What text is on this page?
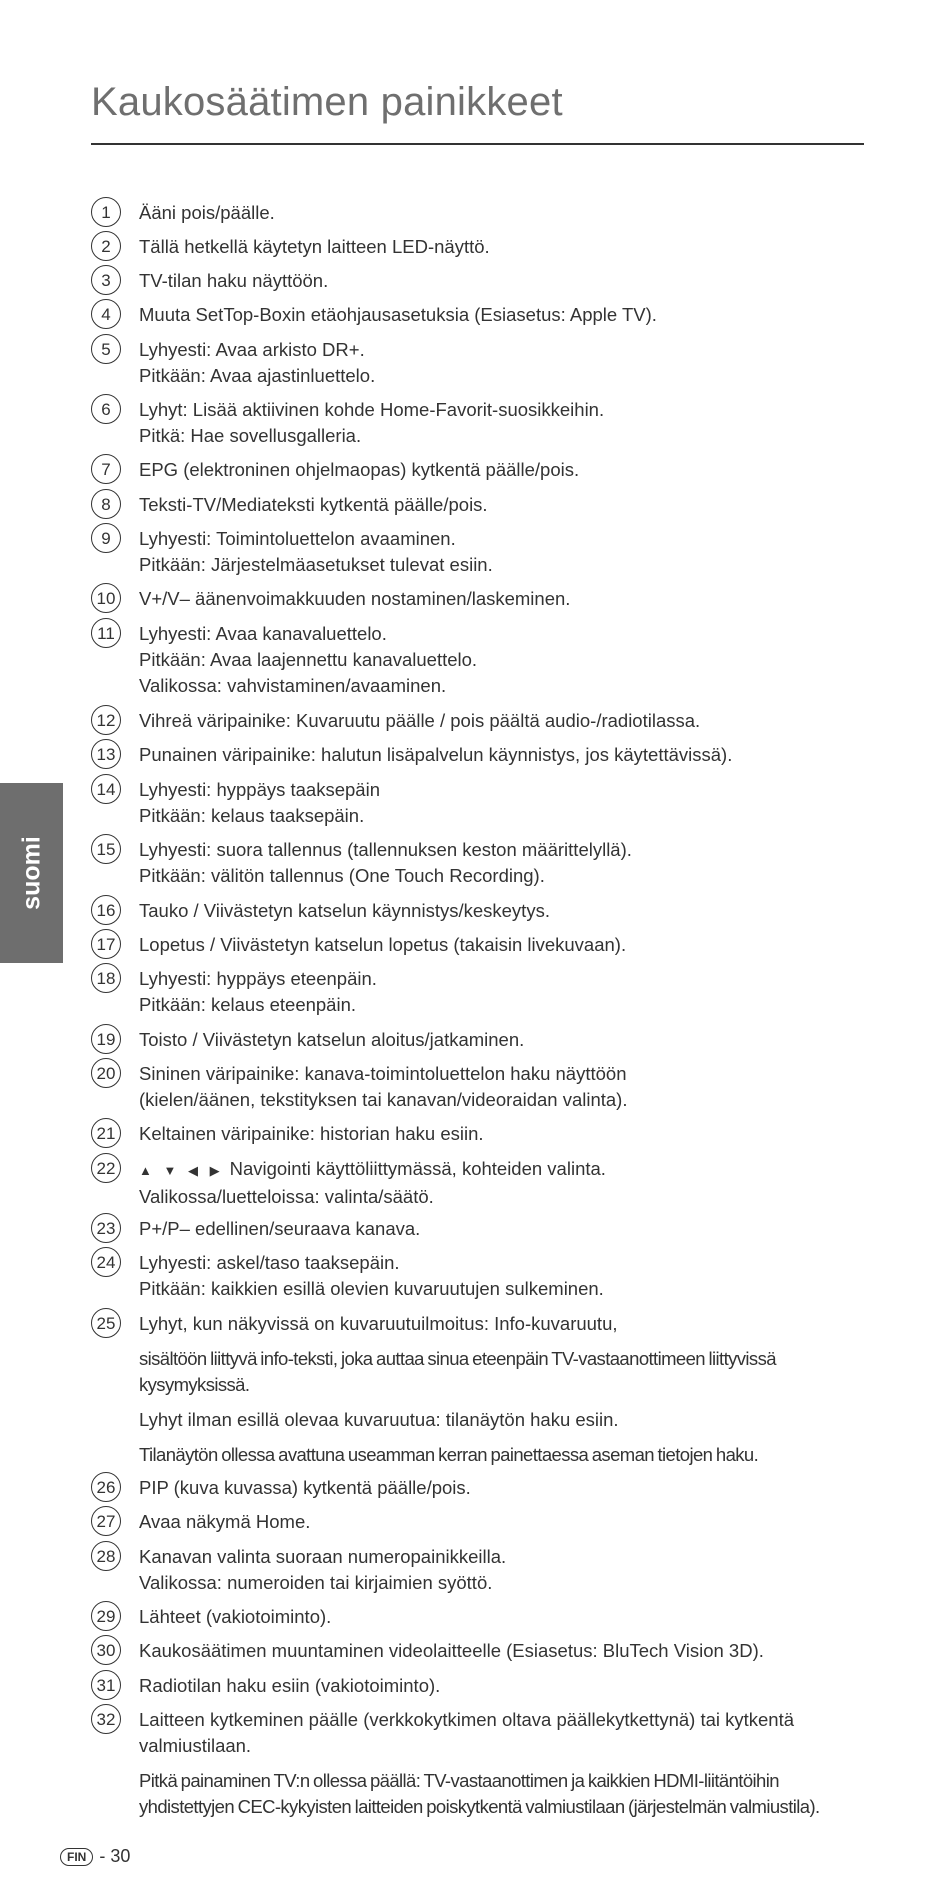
Kaukosäätimen painikkeet
suomi
1	Ääni pois/päälle.
2	Tällä hetkellä käytetyn laitteen LED-näyttö.
3	TV-tilan haku näyttöön.
4	Muuta SetTop-Boxin etäohjausasetuksia (Esiasetus: Apple TV).
5	Lyhyesti: Avaa arkisto DR+.
Pitkään: Avaa ajastinluettelo.
6	Lyhyt: Lisää aktiivinen kohde Home-Favorit-suosikkeihin.
Pitkä: Hae sovellusgalleria.
7	EPG (elektroninen ohjelmaopas) kytkentä päälle/pois.
8	Teksti-TV/Mediateksti kytkentä päälle/pois.
9	Lyhyesti: Toimintoluettelon avaaminen.
Pitkään: Järjestelmäasetukset tulevat esiin.
10 V+/V– äänenvoimakkuuden nostaminen/laskeminen.
11	Lyhyesti: Avaa kanavaluettelo.
Pitkään: Avaa laajennettu kanavaluettelo.
Valikossa: vahvistaminen/avaaminen.
12 Vihreä väripainike: Kuvaruutu päälle / pois päältä audio-/radiotilassa.
13 Punainen väripainike: halutun lisäpalvelun käynnistys, jos käytettävissä).
14 Lyhyesti: hyppäys taaksepäin
Pitkään: kelaus taaksepäin.
15 Lyhyesti: suora tallennus (tallennuksen keston määrittelyllä).
Pitkään: välitön tallennus (One Touch Recording).
16 Tauko / Viivästetyn katselun käynnistys/keskeytys.
17 Lopetus / Viivästetyn katselun lopetus (takaisin livekuvaan).
18 Lyhyesti: hyppäys eteenpäin.
Pitkään: kelaus eteenpäin.
19 Toisto / Viivästetyn katselun aloitus/jatkaminen.
20 Sininen väripainike: kanava-toimintoluettelon haku näyttöön
(kielen/äänen, tekstityksen tai kanavan/videoraidan valinta).
21 Keltainen väripainike: historian haku esiin.
22	▲ ▼ ◀ ▶ Navigointi käyttöliittymässä, kohteiden valinta.
Valikossa/luetteloissa: valinta/säätö.
23 P+/P– edellinen/seuraava kanava.
24 Lyhyesti: askel/taso taaksepäin.
Pitkään: kaikkien esillä olevien kuvaruutujen sulkeminen.
25 Lyhyt, kun näkyvissä on kuvaruutuilmoitus: Info-kuvaruutu,
sisältöön liittyvä info-teksti, joka auttaa sinua eteenpäin TV-vastaanottimeen liittyvissä kysymyksissä.
Lyhyt ilman esillä olevaa kuvaruutua: tilanäytön haku esiin.
Tilanäytön ollessa avattuna useamman kerran painettaessa aseman tietojen haku.
26 PIP (kuva kuvassa) kytkentä päälle/pois.
27 Avaa näkymä Home.
28 Kanavan valinta suoraan numeropainikkeilla.
Valikossa: numeroiden tai kirjaimien syöttö.
29 Lähteet (vakiotoiminto).
30 Kaukosäätimen muuntaminen videolaitteelle (Esiasetus: BluTech Vision 3D).
31 Radiotilan haku esiin (vakiotoiminto).
32 Laitteen kytkeminen päälle (verkkokytkimen oltava päällekytkettynä) tai kytkentä valmiustilaan.
Pitkä painaminen TV:n ollessa päällä: TV-vastaanottimen ja kaikkien HDMI-liitäntöihin yhdistettyjen CEC-kykyisten laitteiden poiskytkentä valmiustilaan (järjestelmän valmiustila).
FIN - 30
